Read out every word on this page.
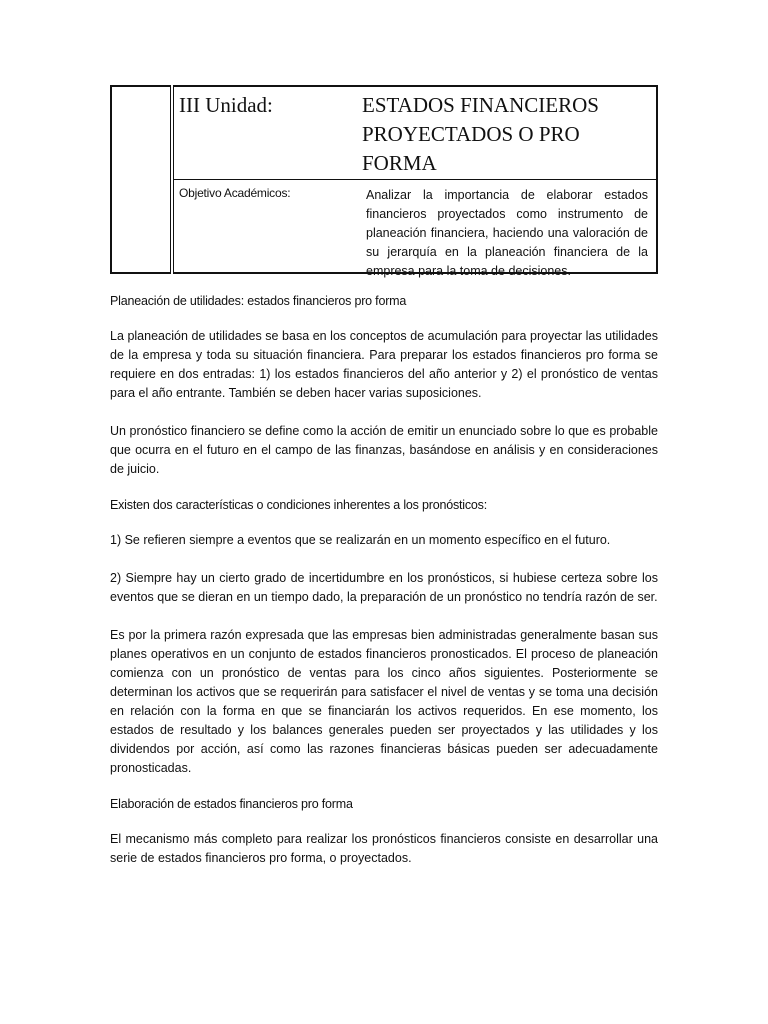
III Unidad:	ESTADOS FINANCIEROS PROYECTADOS O PRO FORMA

Objetivo Académicos:	Analizar la importancia de elaborar estados financieros proyectados como instrumento de planeación financiera, haciendo una valoración de su jerarquía en la planeación financiera de la empresa para la toma de decisiones.

Planeación de utilidades: estados financieros pro forma

La planeación de utilidades se basa en los conceptos de acumulación para proyectar las utilidades de la empresa y toda su situación financiera. Para preparar los estados financieros pro forma se requiere en dos entradas: 1) los estados financieros del año anterior y 2) el pronóstico de ventas para el año entrante. También se deben hacer varias suposiciones.

Un pronóstico financiero se define como la acción de emitir un enunciado sobre lo que es probable que ocurra en el futuro en el campo de las finanzas, basándose en análisis y en consideraciones de juicio.

Existen dos características o condiciones inherentes a los pronósticos:

1) Se refieren siempre a eventos que se realizarán en un momento específico en el futuro.

2) Siempre hay un cierto grado de incertidumbre en los pronósticos, si hubiese certeza sobre los eventos que se dieran en un tiempo dado, la preparación de un pronóstico no tendría razón de ser.

Es por la primera razón expresada que las empresas bien administradas generalmente basan sus planes operativos en un conjunto de estados financieros pronosticados. El proceso de planeación comienza con un pronóstico de ventas para los cinco años siguientes. Posteriormente se determinan los activos que se requerirán para satisfacer el nivel de ventas y se toma una decisión en relación con la forma en que se financiarán los activos requeridos. En ese momento, los estados de resultado y los balances generales pueden ser proyectados y las utilidades y los dividendos por acción, así como las razones financieras básicas pueden ser adecuadamente pronosticadas.

Elaboración de estados financieros pro forma

El mecanismo más completo para realizar los pronósticos financieros consiste en desarrollar una serie de estados financieros pro forma, o proyectados.
